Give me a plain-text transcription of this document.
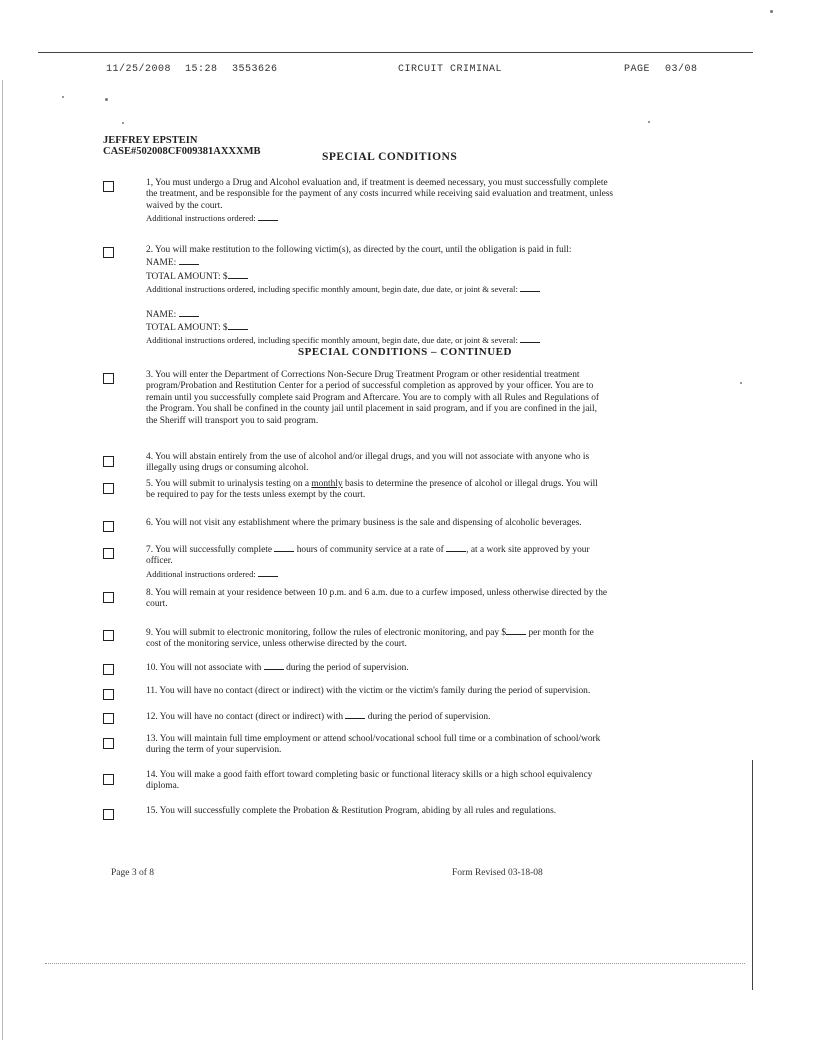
11/25/2008 15:28 3553626	CIRCUIT CRIMINAL	PAGE 03/08
JEFFREY EPSTEIN
CASE#502008CF009381AXXXMB	SPECIAL CONDITIONS
1, You must undergo a Drug and Alcohol evaluation and, if treatment is deemed necessary, you must successfully complete
the treatment, and be responsible for the payment of any costs incurred while receiving said evaluation and treatment, unless
waived by the court.
Additional instructions ordered:
2. You will make restitution to the following victim(s), as directed by the court, until the obligation is paid in full:
NAME:
TOTAL AMOUNT: $
Additional instructions ordered, including specific monthly amount, begin date, due date, or joint & several:
NAME:
TOTAL AMOUNT: $
Additional instructions ordered, including specific monthly amount, begin date, due date, or joint & several:
SPECIAL CONDITIONS – CONTINUED
3. You will enter the Department of Corrections Non-Secure Drug Treatment Program or other residential treatment
program/Probation and Restitution Center for a period of successful completion as approved by your officer. You are to
remain until you successfully complete said Program and Aftercare. You are to comply with all Rules and Regulations of
the Program. You shall be confined in the county jail until placement in said program, and if you are confined in the jail,
the Sheriff will transport you to said program.
4. You will abstain entirely from the use of alcohol and/or illegal drugs, and you will not associate with anyone who is
illegally using drugs or consuming alcohol.
5. You will submit to urinalysis testing on a monthly basis to determine the presence of alcohol or illegal drugs. You will
be required to pay for the tests unless exempt by the court.
6. You will not visit any establishment where the primary business is the sale and dispensing of alcoholic beverages.
7. You will successfully complete	hours of community service at a rate of , at a work site approved by your
officer.
Additional instructions ordered:
8. You will remain at your residence between 10 p.m. and 6 a.m. due to a curfew imposed, unless otherwise directed by the
court.
9. You will submit to electronic monitoring, follow the rules of electronic monitoring, and pay $ per month for the
cost of the monitoring service, unless otherwise directed by the court.
10. You will not associate with	during the period of supervision.
11. You will have no contact (direct or indirect) with the victim or the victim's family during the period of supervision.
12. You will have no contact (direct or indirect) with	during the period of supervision.
13. You will maintain full time employment or attend school/vocational school full time or a combination of school/work
during the term of your supervision.
14. You will make a good faith effort toward completing basic or functional literacy skills or a high school equivalency
diploma.
15. You will successfully complete the Probation & Restitution Program, abiding by all rules and regulations.
Page 3 of 8	Form Revised 03-18-08
